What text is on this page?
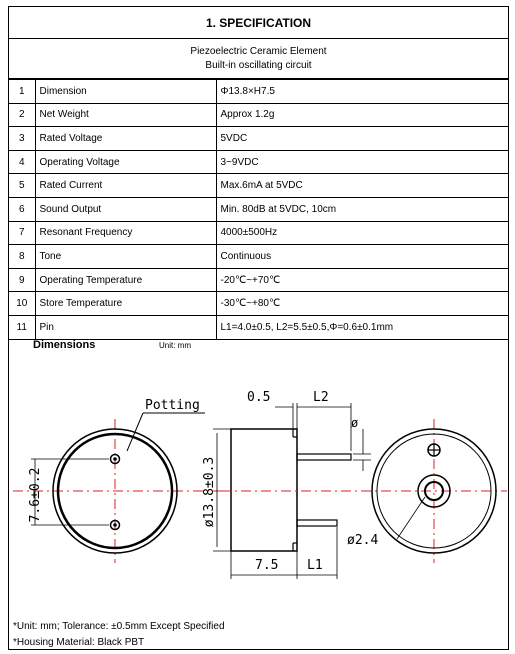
1. SPECIFICATION
Piezoelectric Ceramic Element
Built-in oscillating circuit
1	Dimension	Φ13.8×H7.5
2	Net Weight	Approx 1.2g
3	Rated Voltage	5VDC
4	Operating Voltage	3~9VDC
5	Rated Current	Max.6mA at 5VDC
6	Sound Output	Min. 80dB at 5VDC, 10cm
7	Resonant Frequency	4000±500Hz
8	Tone	Continuous
9	Operating Temperature	-20℃~+70℃
10	Store Temperature	-30℃~+80℃
11	Pin	L1=4.0±0.5, L2=5.5±0.5,Φ=0.6±0.1mm
Dimensions	Unit: mm
Potting
7.6±0.2	ø13.8±0.3
0.5	L2
ø
7.5 L1
ø2.4
*Unit: mm; Tolerance: ±0.5mm Except Specified
*Housing Material: Black PBT
